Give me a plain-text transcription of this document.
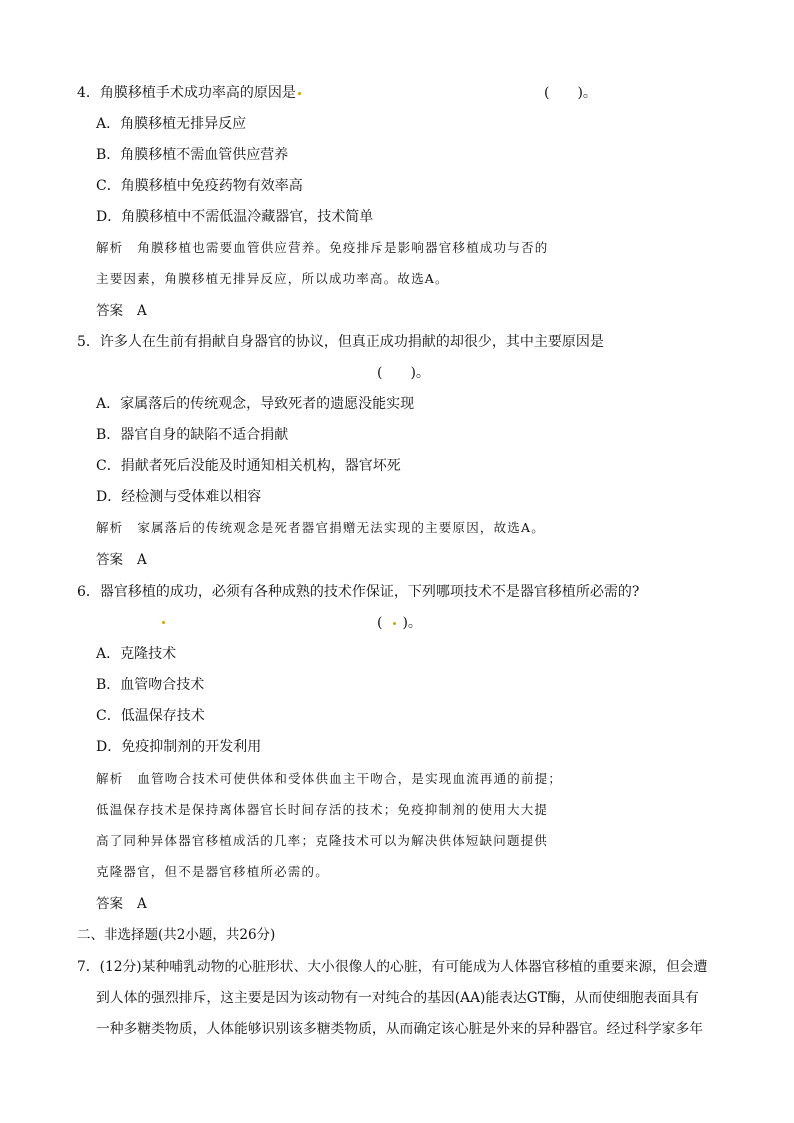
4．角膜移植手术成功率高的原因是	(　　)。
A．角膜移植无排异反应
B．角膜移植不需血管供应营养
C．角膜移植中免疫药物有效率高
D．角膜移植中不需低温冷藏器官，技术简单
解析 角膜移植也需要血管供应营养。免疫排斥是影响器官移植成功与否的
主要因素，角膜移植无排异反应，所以成功率高。故选A。
答案 A
5．许多人在生前有捐献自身器官的协议，但真正成功捐献的却很少，其中主要原因是
(　　)。
A．家属落后的传统观念，导致死者的遗愿没能实现
B．器官自身的缺陷不适合捐献
C．捐献者死后没能及时通知相关机构，器官坏死
D．经检测与受体难以相容
解析 家属落后的传统观念是死者器官捐赠无法实现的主要原因，故选A。
答案 A
6．器官移植的成功，必须有各种成熟的技术作保证，下列哪项技术不是器官移植所必需的?
( )。
A．克隆技术
B．血管吻合技术
C．低温保存技术
D．免疫抑制剂的开发利用
解析 血管吻合技术可使供体和受体供血主干吻合，是实现血流再通的前提；
低温保存技术是保持离体器官长时间存活的技术；免疫抑制剂的使用大大提
高了同种异体器官移植成活的几率；克隆技术可以为解决供体短缺问题提供
克隆器官，但不是器官移植所必需的。
答案 A
二、非选择题(共2小题，共26分)
7．(12分)某种哺乳动物的心脏形状、大小很像人的心脏，有可能成为人体器官移植的重要来源，但会遭
到人体的强烈排斥，这主要是因为该动物有一对纯合的基因(AA)能表达GT酶，从而使细胞表面具有
一种多糖类物质，人体能够识别该多糖类物质，从而确定该心脏是外来的异种器官。经过科学家多年
